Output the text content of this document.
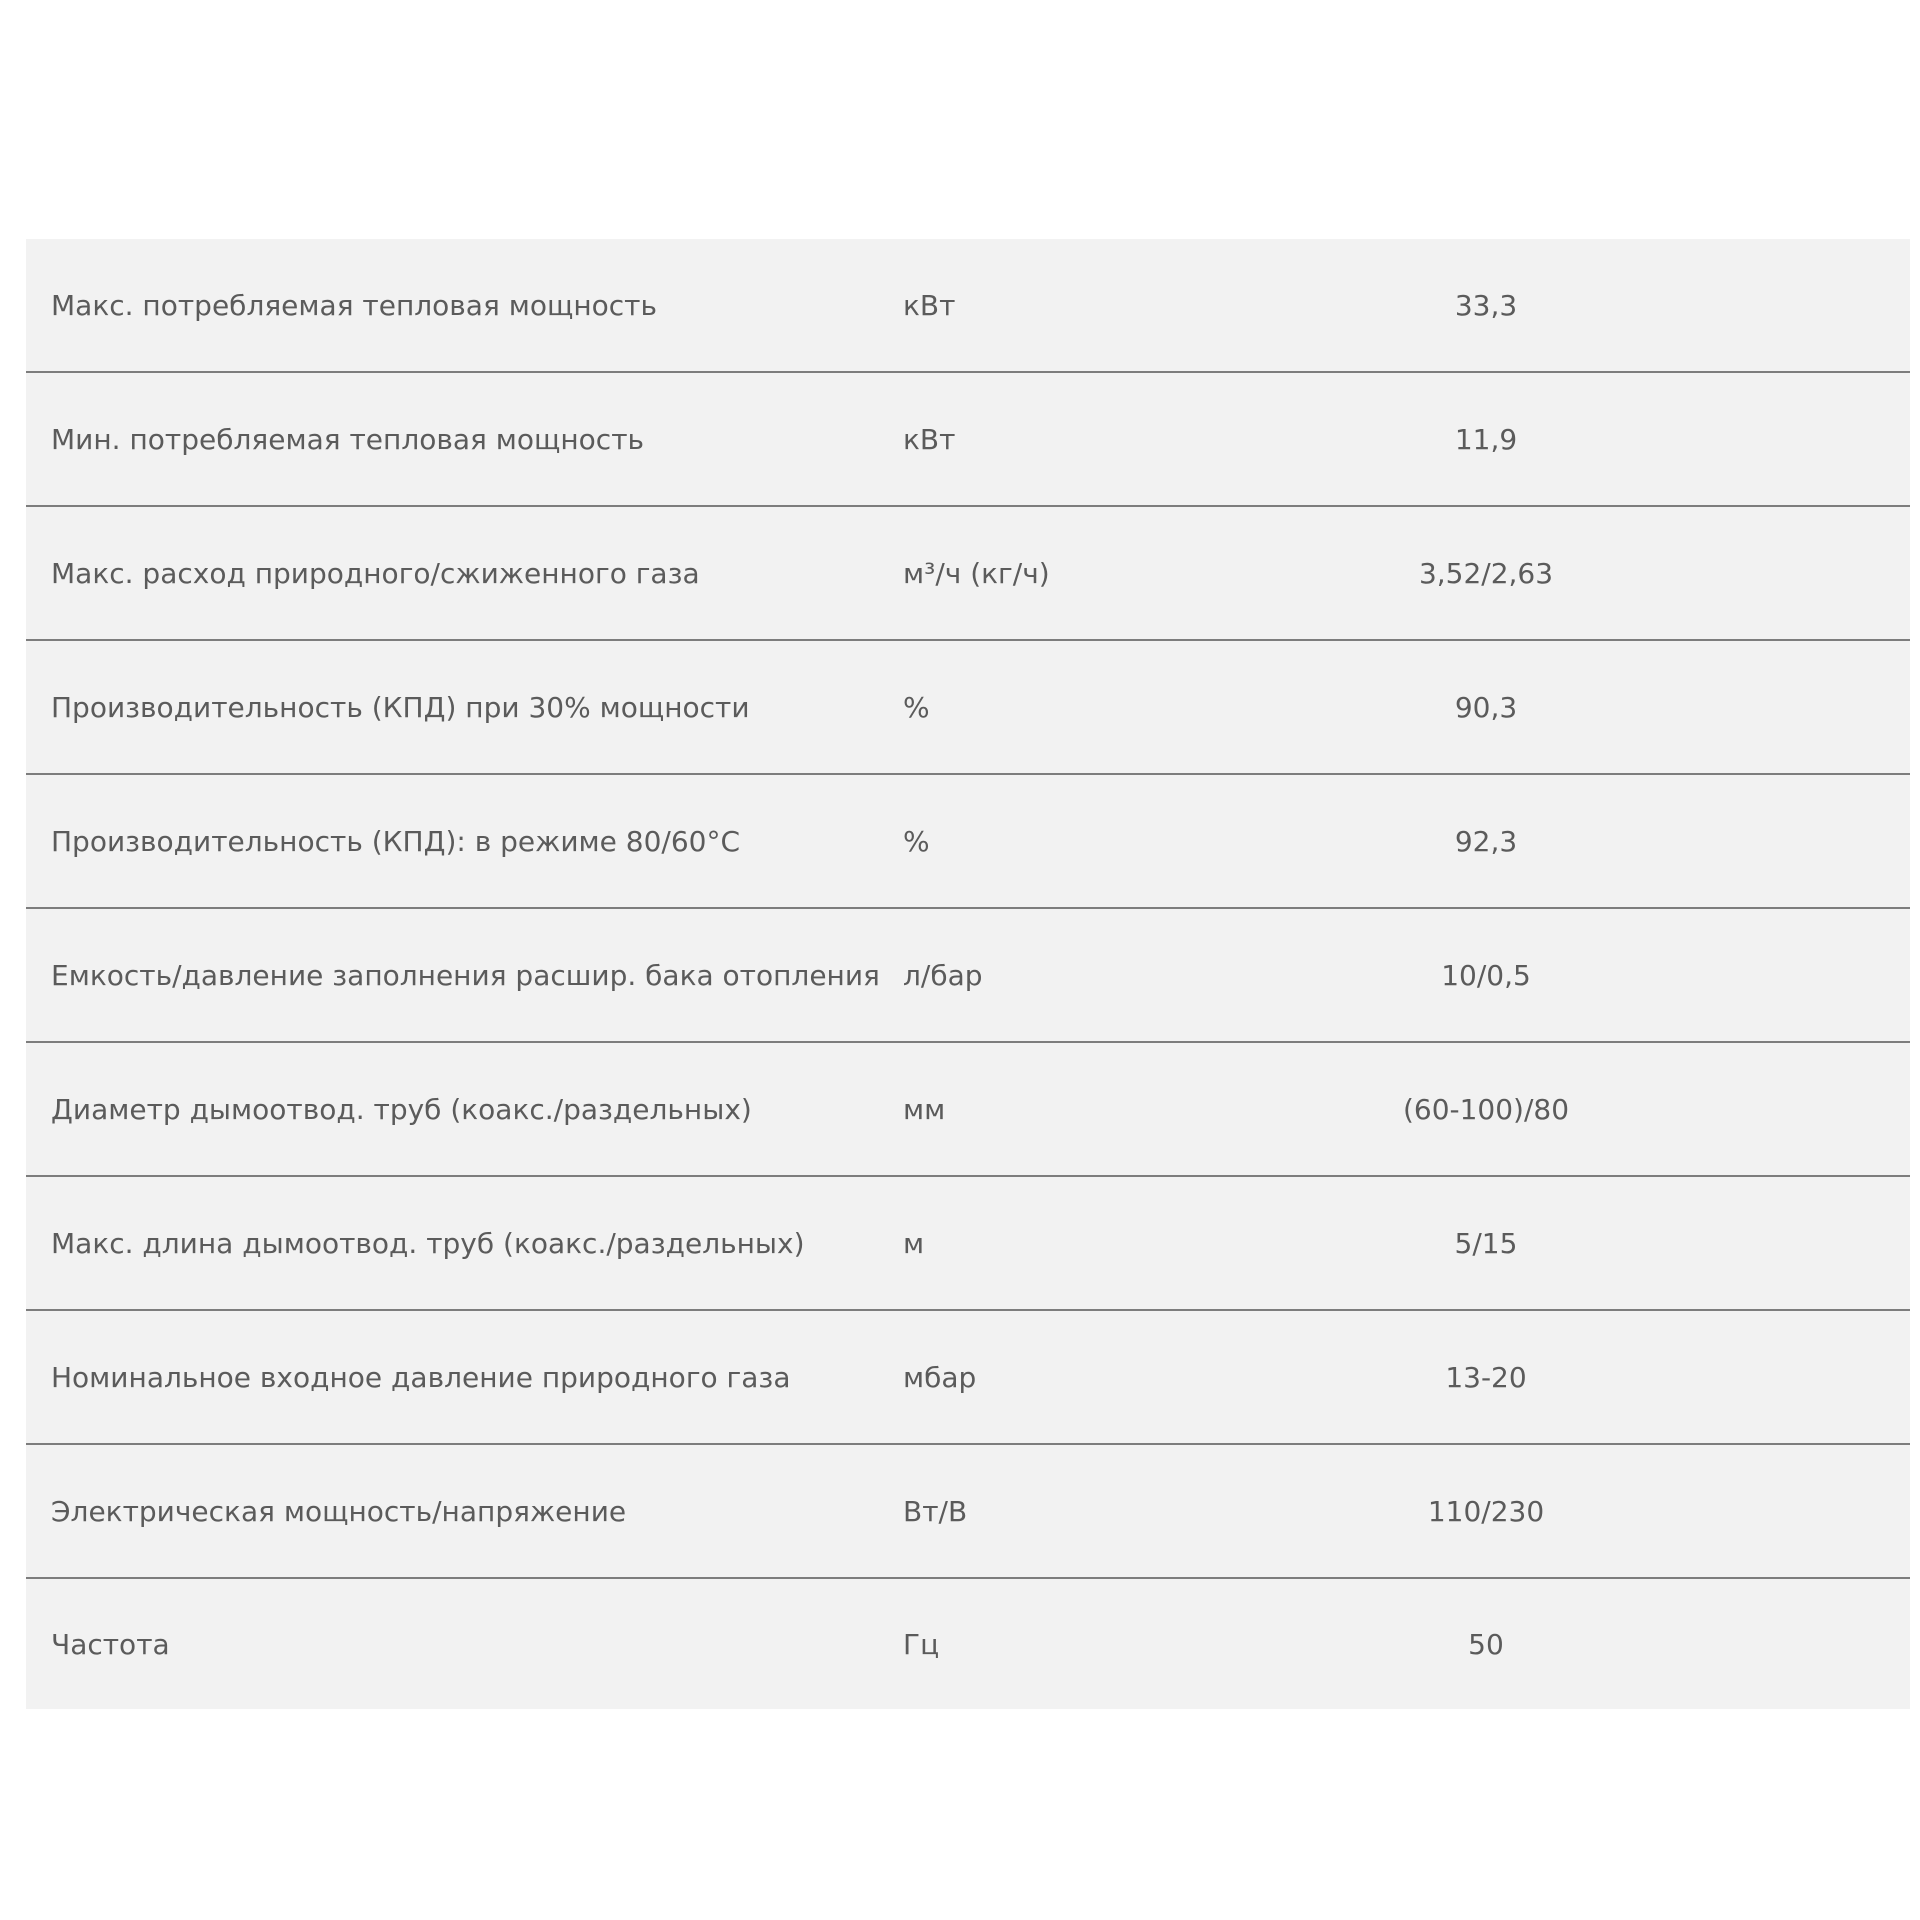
Макс. потребляемая тепловая мощность	кВт	33,3
Мин. потребляемая тепловая мощность	кВт	11,9
Макс. расход природного/сжиженного газа	м³/ч (кг/ч)	3,52/2,63
Производительность (КПД) при 30% мощности	%	90,3
Производительность (КПД): в режиме 80/60°С	%	92,3
Емкость/давление заполнения расшир. бака отопления л/бар	10/0,5
Диаметр дымоотвод. труб (коакс./раздельных)	мм	(60-100)/80
Макс. длина дымоотвод. труб (коакс./раздельных)	м	5/15
Номинальное входное давление природного газа	мбар	13-20
Электрическая мощность/напряжение	Вт/В	110/230
Частота	Гц	50
